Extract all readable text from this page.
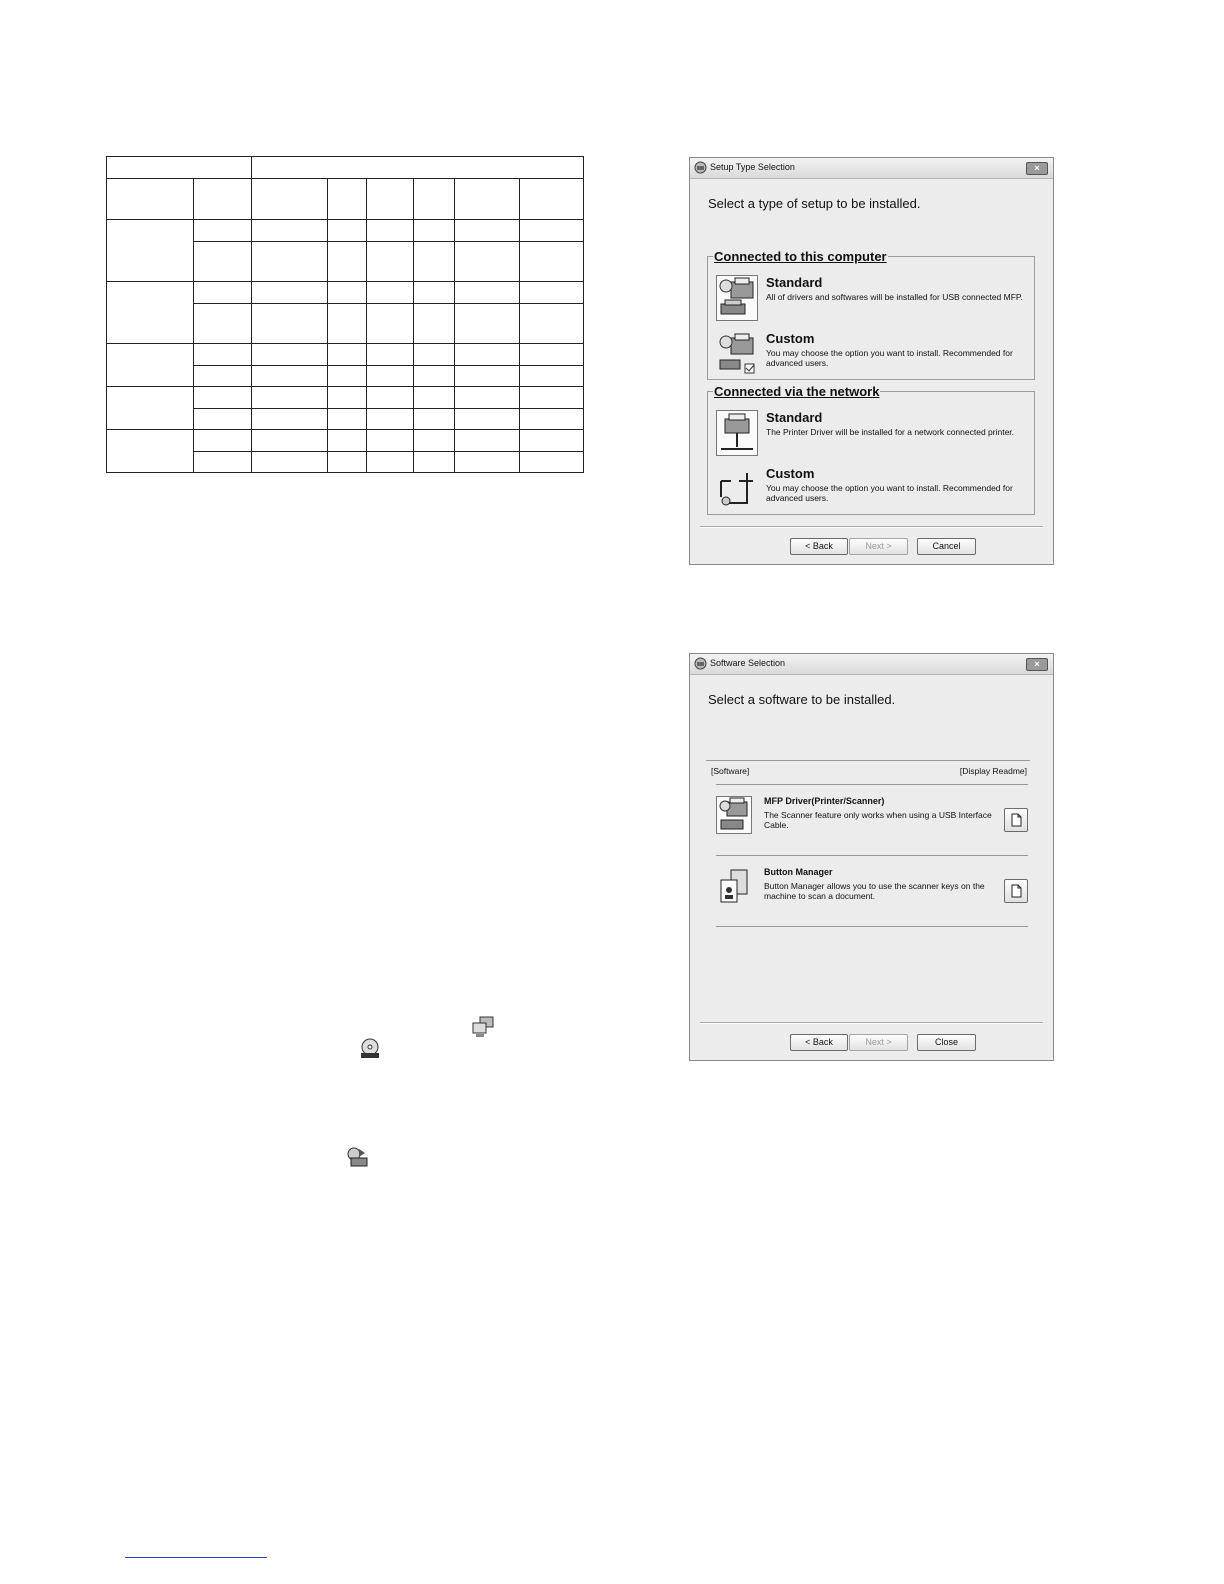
Setup Type Selection	×
Select a type of setup to be installed.
Connected to this computer
Standard
All of drivers and softwares will be installed for USB connected MFP.
Custom
You may choose the option you want to install. Recommended for advanced users.
Connected via the network
Standard
The Printer Driver will be installed for a network connected printer.
Custom
You may choose the option you want to install. Recommended for advanced users.
< Back	Next >	Cancel
Software Selection	×
Select a software to be installed.
[Software]	[Display Readme]
MFP Driver(Printer/Scanner)
The Scanner feature only works when using a USB Interface Cable.
Button Manager
Button Manager allows you to use the scanner keys on the machine to scan a document.
< Back	Next >	Close
